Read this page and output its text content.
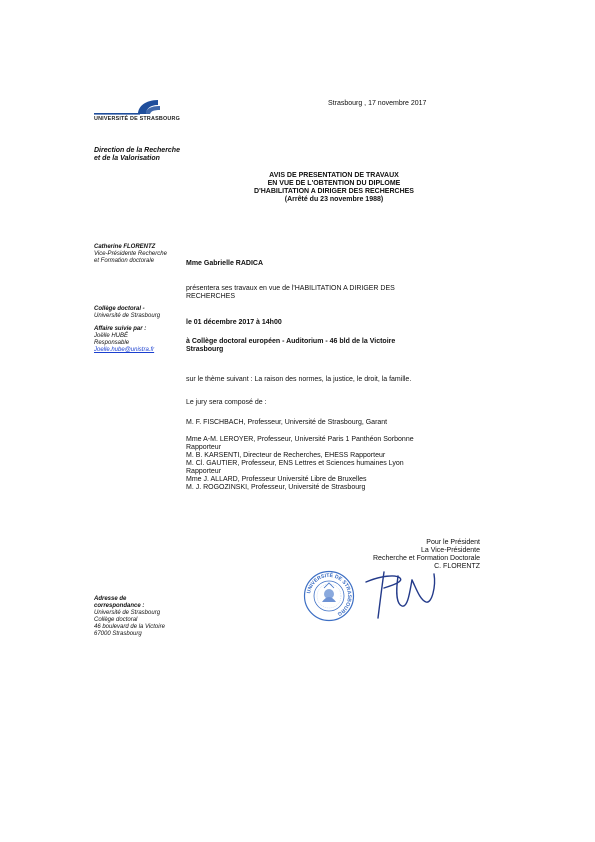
UNIVERSITÉ DE STRASBOURG
Strasbourg , 17 novembre 2017
Direction de la Recherche
et de la Valorisation
AVIS DE PRESENTATION DE TRAVAUX
EN VUE DE L'OBTENTION DU DIPLOME
D'HABILITATION A DIRIGER DES RECHERCHES
(Arrêté du 23 novembre 1988)
Catherine FLORENTZ
Vice-Présidente Recherche
et Formation doctorale
Collège doctoral -
Université de Strasbourg
Affaire suivie par :
Joëlle HUBÉ
Responsable
Joelle.hube@unistra.fr
Adresse de
correspondance :
Université de Strasbourg
Collège doctoral
46 boulevard de la Victoire
67000 Strasbourg
Mme Gabrielle RADICA
présentera ses travaux en vue de l'HABILITATION A DIRIGER DES
RECHERCHES
le 01 décembre 2017 à 14h00
à Collège doctoral européen - Auditorium - 46 bld de la Victoire
Strasbourg
sur le thème suivant : La raison des normes, la justice, le droit, la famille.
Le jury sera composé de :
M. F. FISCHBACH, Professeur, Université de Strasbourg, Garant
Mme A-M. LEROYER, Professeur, Université Paris 1 Panthéon Sorbonne
Rapporteur
M. B. KARSENTI, Directeur de Recherches, EHESS Rapporteur
M. Cl. GAUTIER, Professeur, ENS Lettres et Sciences humaines Lyon
Rapporteur
Mme J. ALLARD, Professeur Université Libre de Bruxelles
M. J. ROGOZINSKI, Professeur, Université de Strasbourg
Pour le Président
La Vice-Présidente
Recherche et Formation Doctorale
C. FLORENTZ
UNIVERSITÉ DE STRASBOURG
